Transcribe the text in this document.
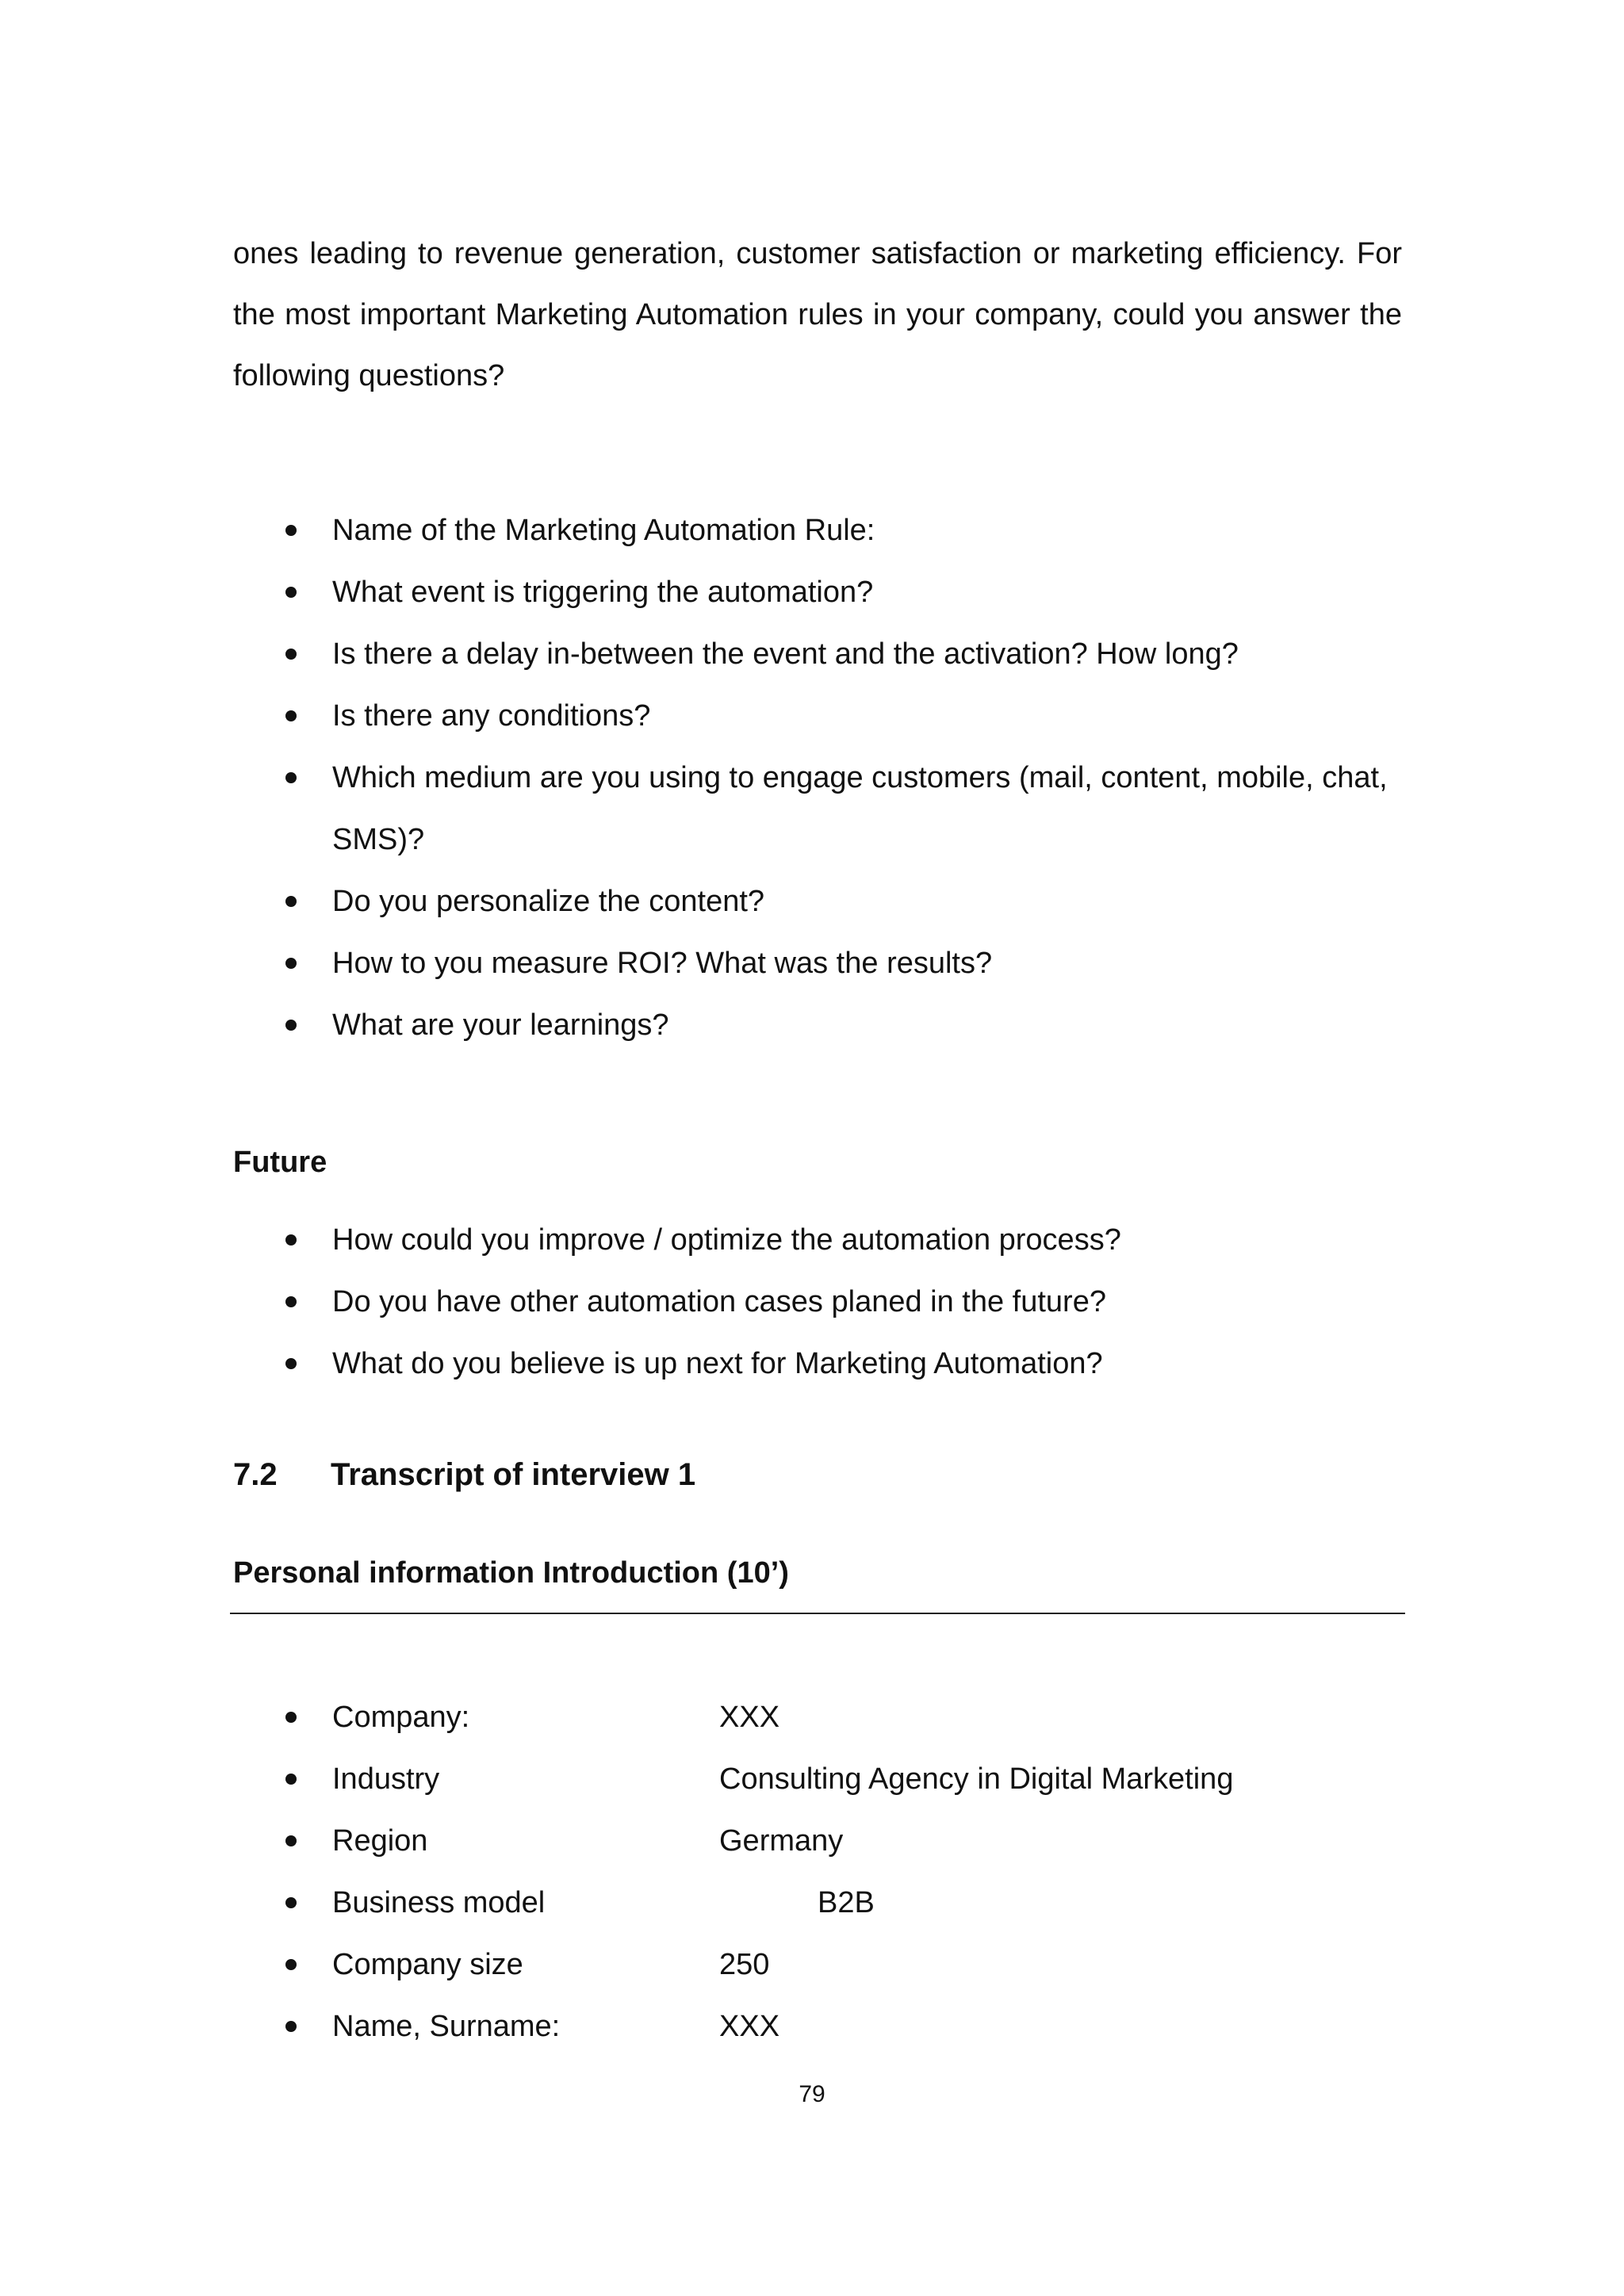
ones leading to revenue generation, customer satisfaction or marketing efficiency. For
the most important Marketing Automation rules in your company, could you answer the
following questions?
Name of the Marketing Automation Rule:
What event is triggering the automation?
Is there a delay in-between the event and the activation? How long?
Is there any conditions?
Which medium are you using to engage customers (mail, content, mobile, chat,
SMS)?
Do you personalize the content?
How to you measure ROI? What was the results?
What are your learnings?

Future

How could you improve / optimize the automation process?
Do you have other automation cases planed in the future?
What do you believe is up next for Marketing Automation?
7.2 Transcript of interview 1

Personal information Introduction (10’)

Company:	XXX
Industry	Consulting Agency in Digital Marketing
Region	Germany
Business model	B2B
Company size	250
Name, Surname:	XXX
79
